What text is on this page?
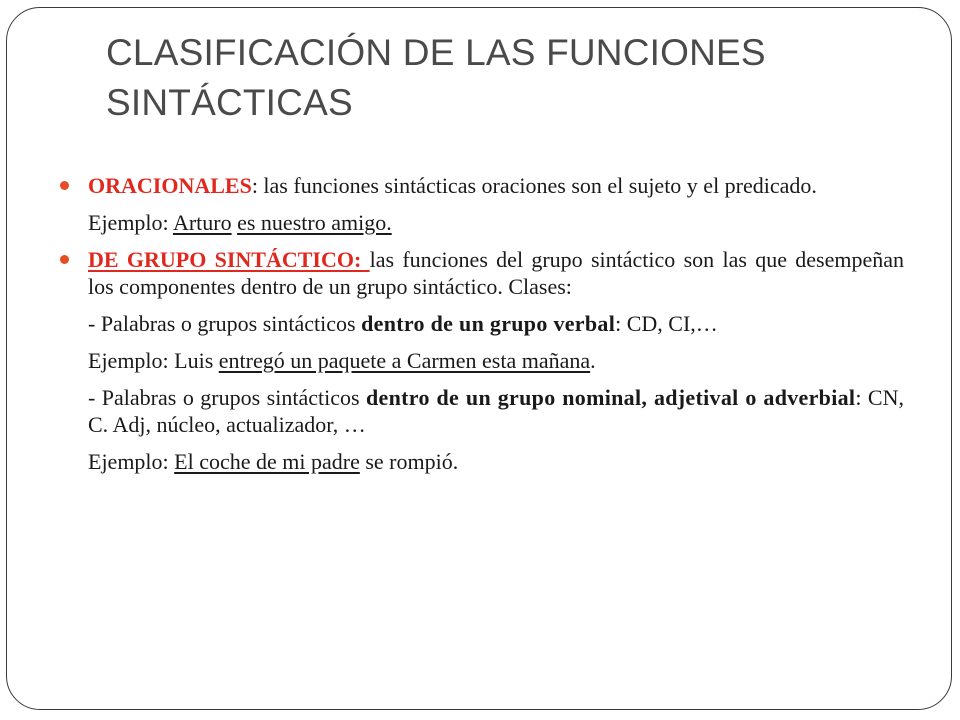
CLASIFICACIÓN DE LAS FUNCIONES SINTÁCTICAS

ORACIONALES: las funciones sintácticas oraciones son el sujeto y el predicado.

Ejemplo: Arturo es nuestro amigo.

DE GRUPO SINTÁCTICO: las funciones del grupo sintáctico son las que desempeñan los componentes dentro de un grupo sintáctico. Clases:

- Palabras o grupos sintácticos dentro de un grupo verbal: CD, CI,…

Ejemplo: Luis entregó un paquete a Carmen esta mañana.

- Palabras o grupos sintácticos dentro de un grupo nominal, adjetival o adverbial: CN, C. Adj, núcleo, actualizador, …

Ejemplo: El coche de mi padre se rompió.
